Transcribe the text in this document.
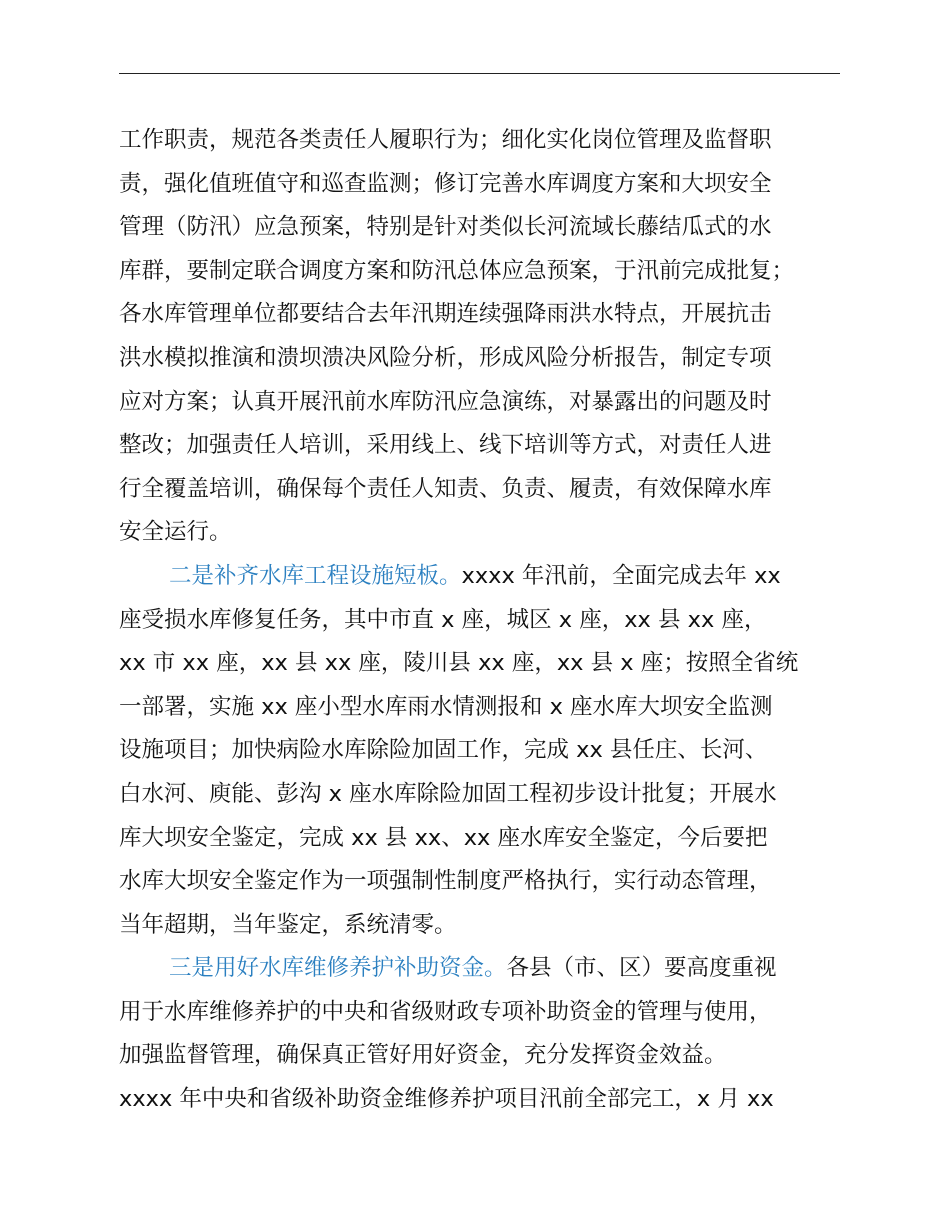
工作职责，规范各类责任人履职行为；细化实化岗位管理及监督职
责，强化值班值守和巡查监测；修订完善水库调度方案和大坝安全
管理（防汛）应急预案，特别是针对类似长河流域长藤结瓜式的水
库群，要制定联合调度方案和防汛总体应急预案，于汛前完成批复；
各水库管理单位都要结合去年汛期连续强降雨洪水特点，开展抗击
洪水模拟推演和溃坝溃决风险分析，形成风险分析报告，制定专项
应对方案；认真开展汛前水库防汛应急演练，对暴露出的问题及时
整改；加强责任人培训，采用线上、线下培训等方式，对责任人进
行全覆盖培训，确保每个责任人知责、负责、履责，有效保障水库
安全运行。
二是补齐水库工程设施短板。xxxx 年汛前，全面完成去年 xx
座受损水库修复任务，其中市直 x 座，城区 x 座，xx 县 xx 座，
xx 市 xx 座，xx 县 xx 座，陵川县 xx 座，xx 县 x 座；按照全省统
一部署，实施 xx 座小型水库雨水情测报和 x 座水库大坝安全监测
设施项目；加快病险水库除险加固工作，完成 xx 县任庄、长河、
白水河、庾能、彭沟 x 座水库除险加固工程初步设计批复；开展水
库大坝安全鉴定，完成 xx 县 xx、xx 座水库安全鉴定，今后要把
水库大坝安全鉴定作为一项强制性制度严格执行，实行动态管理，
当年超期，当年鉴定，系统清零。
三是用好水库维修养护补助资金。各县（市、区）要高度重视
用于水库维修养护的中央和省级财政专项补助资金的管理与使用，
加强监督管理，确保真正管好用好资金，充分发挥资金效益。
xxxx 年中央和省级补助资金维修养护项目汛前全部完工，x 月 xx
